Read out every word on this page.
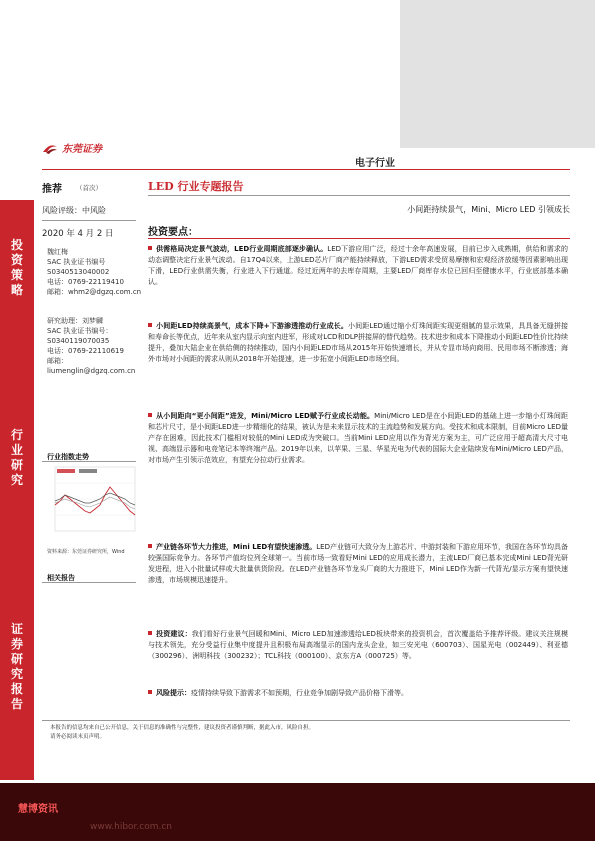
东莞证券
电子行业
推荐 （首次）
风险评级：中风险
2020 年 4 月 2 日
魏红梅
SAC 执业证书编号
S0340513040002
电话：0769-22119410
邮箱：whm2@dgzq.com.cn
研究助理：刘梦麟
SAC 执业证书编号：
S0340119070035
电话：0769-22110619
邮箱：
liumenglin@dgzq.com.cn
行业指数走势
资料来源：东莞证券研究所，Wind
相关报告
投
资
策
略
行
业
研
究
证
券
研
究
报
告
LED 行业专题报告
小间距持续景气，Mini、Micro LED 引领成长
投资要点：
供需格局决定景气波动，LED行业周期底部逐步确认。LED下游应用广泛，经过十余年高速发展，目前已步入成熟期，供给和需求的动态调整决定行业景气波动。自17Q4以来，上游LED芯片厂商产能持续释放，下游LED需求受贸易摩擦和宏观经济放缓等因素影响出现下滑，LED行业供需失衡，行业进入下行通道。经过近两年的去库存周期，主要LED厂商库存水位已回归至健康水平，行业底部基本确认。
小间距LED持续高景气，成本下降+下游渗透推动行业成长。小间距LED通过缩小灯珠间距实现更细腻的显示效果，具具备无缝拼接和寿命长等优点，近年来从室内显示向室内进军，形成对LCD和DLP拼接屏的替代趋势。技术进步和成本下降推动小间距LED性价比持续提升，叠加大陆企业在供给侧的持续推动，国内小间距LED市场从2015年开始快速增长，并从专显市场向商用、民用市场不断渗透；海外市场对小间距的需求从则从2018年开始提速，进一步拓宽小间距LED市场空间。
从小间距向“更小间距”进发，Mini/Micro LED赋予行业成长动能。Mini/Micro LED是在小间距LED的基础上进一步缩小灯珠间距和芯片尺寸，是小间距LED进一步精细化的结果，被认为是未来显示技术的主流趋势和发展方向。受技术和成本限制，目前Micro LED量产存在困难，因此技术门槛相对较低的Mini LED成为突破口。当前Mini LED应用以作为背光方案为主，可广泛应用于超高清大尺寸电视、高端显示器和电竞笔记本等终端产品。2019年以来，以苹果、三星、华星光电为代表的国际大企业陆续发布Mini/Micro LED产品，对市场产生引领示范效应，有望充分拉动行业需求。
产业链各环节大力推进，Mini LED有望快速渗透。LED产业链可大致分为上游芯片、中游封装和下游应用环节，我国在各环节均具备较强国际竞争力。各环节产值均位列全球第一。当前市场一致看好Mini LED的应用成长潜力，主流LED厂商已基本完成Mini LED背光研发进程，进入小批量试样或大批量供货阶段。在LED产业链各环节龙头厂商的大力推进下，Mini LED作为新一代背光/显示方案有望快速渗透，市场规模迅速提升。
投资建议：我们看好行业景气回暖和Mini、Micro LED加速渗透给LED板块带来的投资机会，首次覆盖给予推荐评级。建议关注规模与技术领先，充分受益行业集中度提升且积极布局高端显示的国内龙头企业，如三安光电（600703）、国星光电（002449）、利亚德（300296）、洲明科技（300232）；TCL科技（000100）、京东方A（000725）等。
风险提示：疫情持续导致下游需求不如预期，行业竞争加剧导致产品价格下滑等。
本报告的信息均来自已公开信息，关于信息的准确性与完整性，建议投资者谨慎判断，据此入市，风险自担。
请务必阅读末页声明。
慧博资讯
www.hibor.com.cn
